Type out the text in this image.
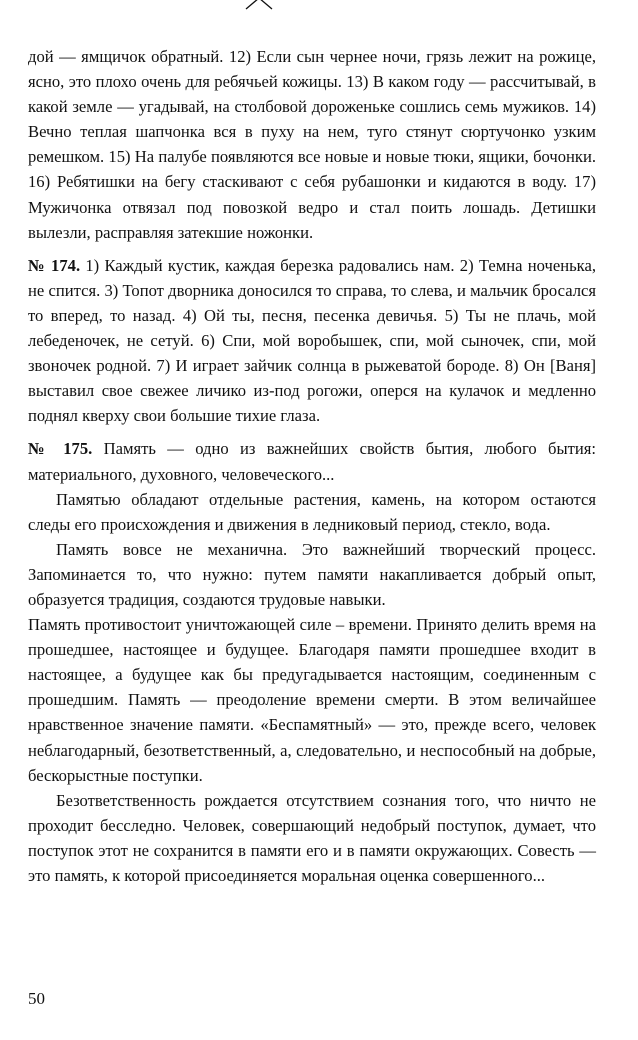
дой — ямщичок обратный. 12) Если сын чернее ночи, грязь лежит на рожице, ясно, это плохо очень для ребячьей кожицы. 13) В каком году — рассчитывай, в какой земле — угадывай, на столбовой дороженьке сошлись семь мужиков. 14) Вечно теплая шапчонка вся в пуху на нем, туго стянут сюртучонко узким ремешком. 15) На палубе появляются все новые и новые тюки, ящики, бочонки. 16) Ребятишки на бегу стаскивают с себя рубашонки и кидаются в воду. 17) Мужичонка отвязал под повозкой ведро и стал поить лошадь. Детишки вылезли, расправляя затекшие ножонки.

№ 174. 1) Каждый кустик, каждая березка радовались нам. 2) Темна ноченька, не спится. 3) Топот дворника доносился то справа, то слева, и мальчик бросался то вперед, то назад. 4) Ой ты, песня, песенка девичья. 5) Ты не плачь, мой лебеденочек, не сетуй. 6) Спи, мой воробышек, спи, мой сыночек, спи, мой звоночек родной. 7) И играет зайчик солнца в рыжеватой бороде. 8) Он [Ваня] выставил свое свежее личико из-под рогожи, оперся на кулачок и медленно поднял кверху свои большие тихие глаза.

№ 175. Память — одно из важнейших свойств бытия, любого бытия: материального, духовного, человеческого...

Памятью обладают отдельные растения, камень, на котором остаются следы его происхождения и движения в ледниковый период, стекло, вода.

Память вовсе не механична. Это важнейший творческий процесс. Запоминается то, что нужно: путем памяти накапливается добрый опыт, образуется традиция, создаются трудовые навыки.

Память противостоит уничтожающей силе – времени. Принято делить время на прошедшее, настоящее и будущее. Благодаря памяти прошедшее входит в настоящее, а будущее как бы предугадывается настоящим, соединенным с прошедшим. Память — преодоление времени смерти. В этом величайшее нравственное значение памяти. «Беспамятный» — это, прежде всего, человек неблагодарный, безответственный, а, следовательно, и неспособный на добрые, бескорыстные поступки.

Безответственность рождается отсутствием сознания того, что ничто не проходит бесследно. Человек, совершающий недобрый поступок, думает, что поступок этот не сохранится в памяти его и в памяти окружающих. Совесть — это память, к которой присоединяется моральная оценка совершенного...

50
